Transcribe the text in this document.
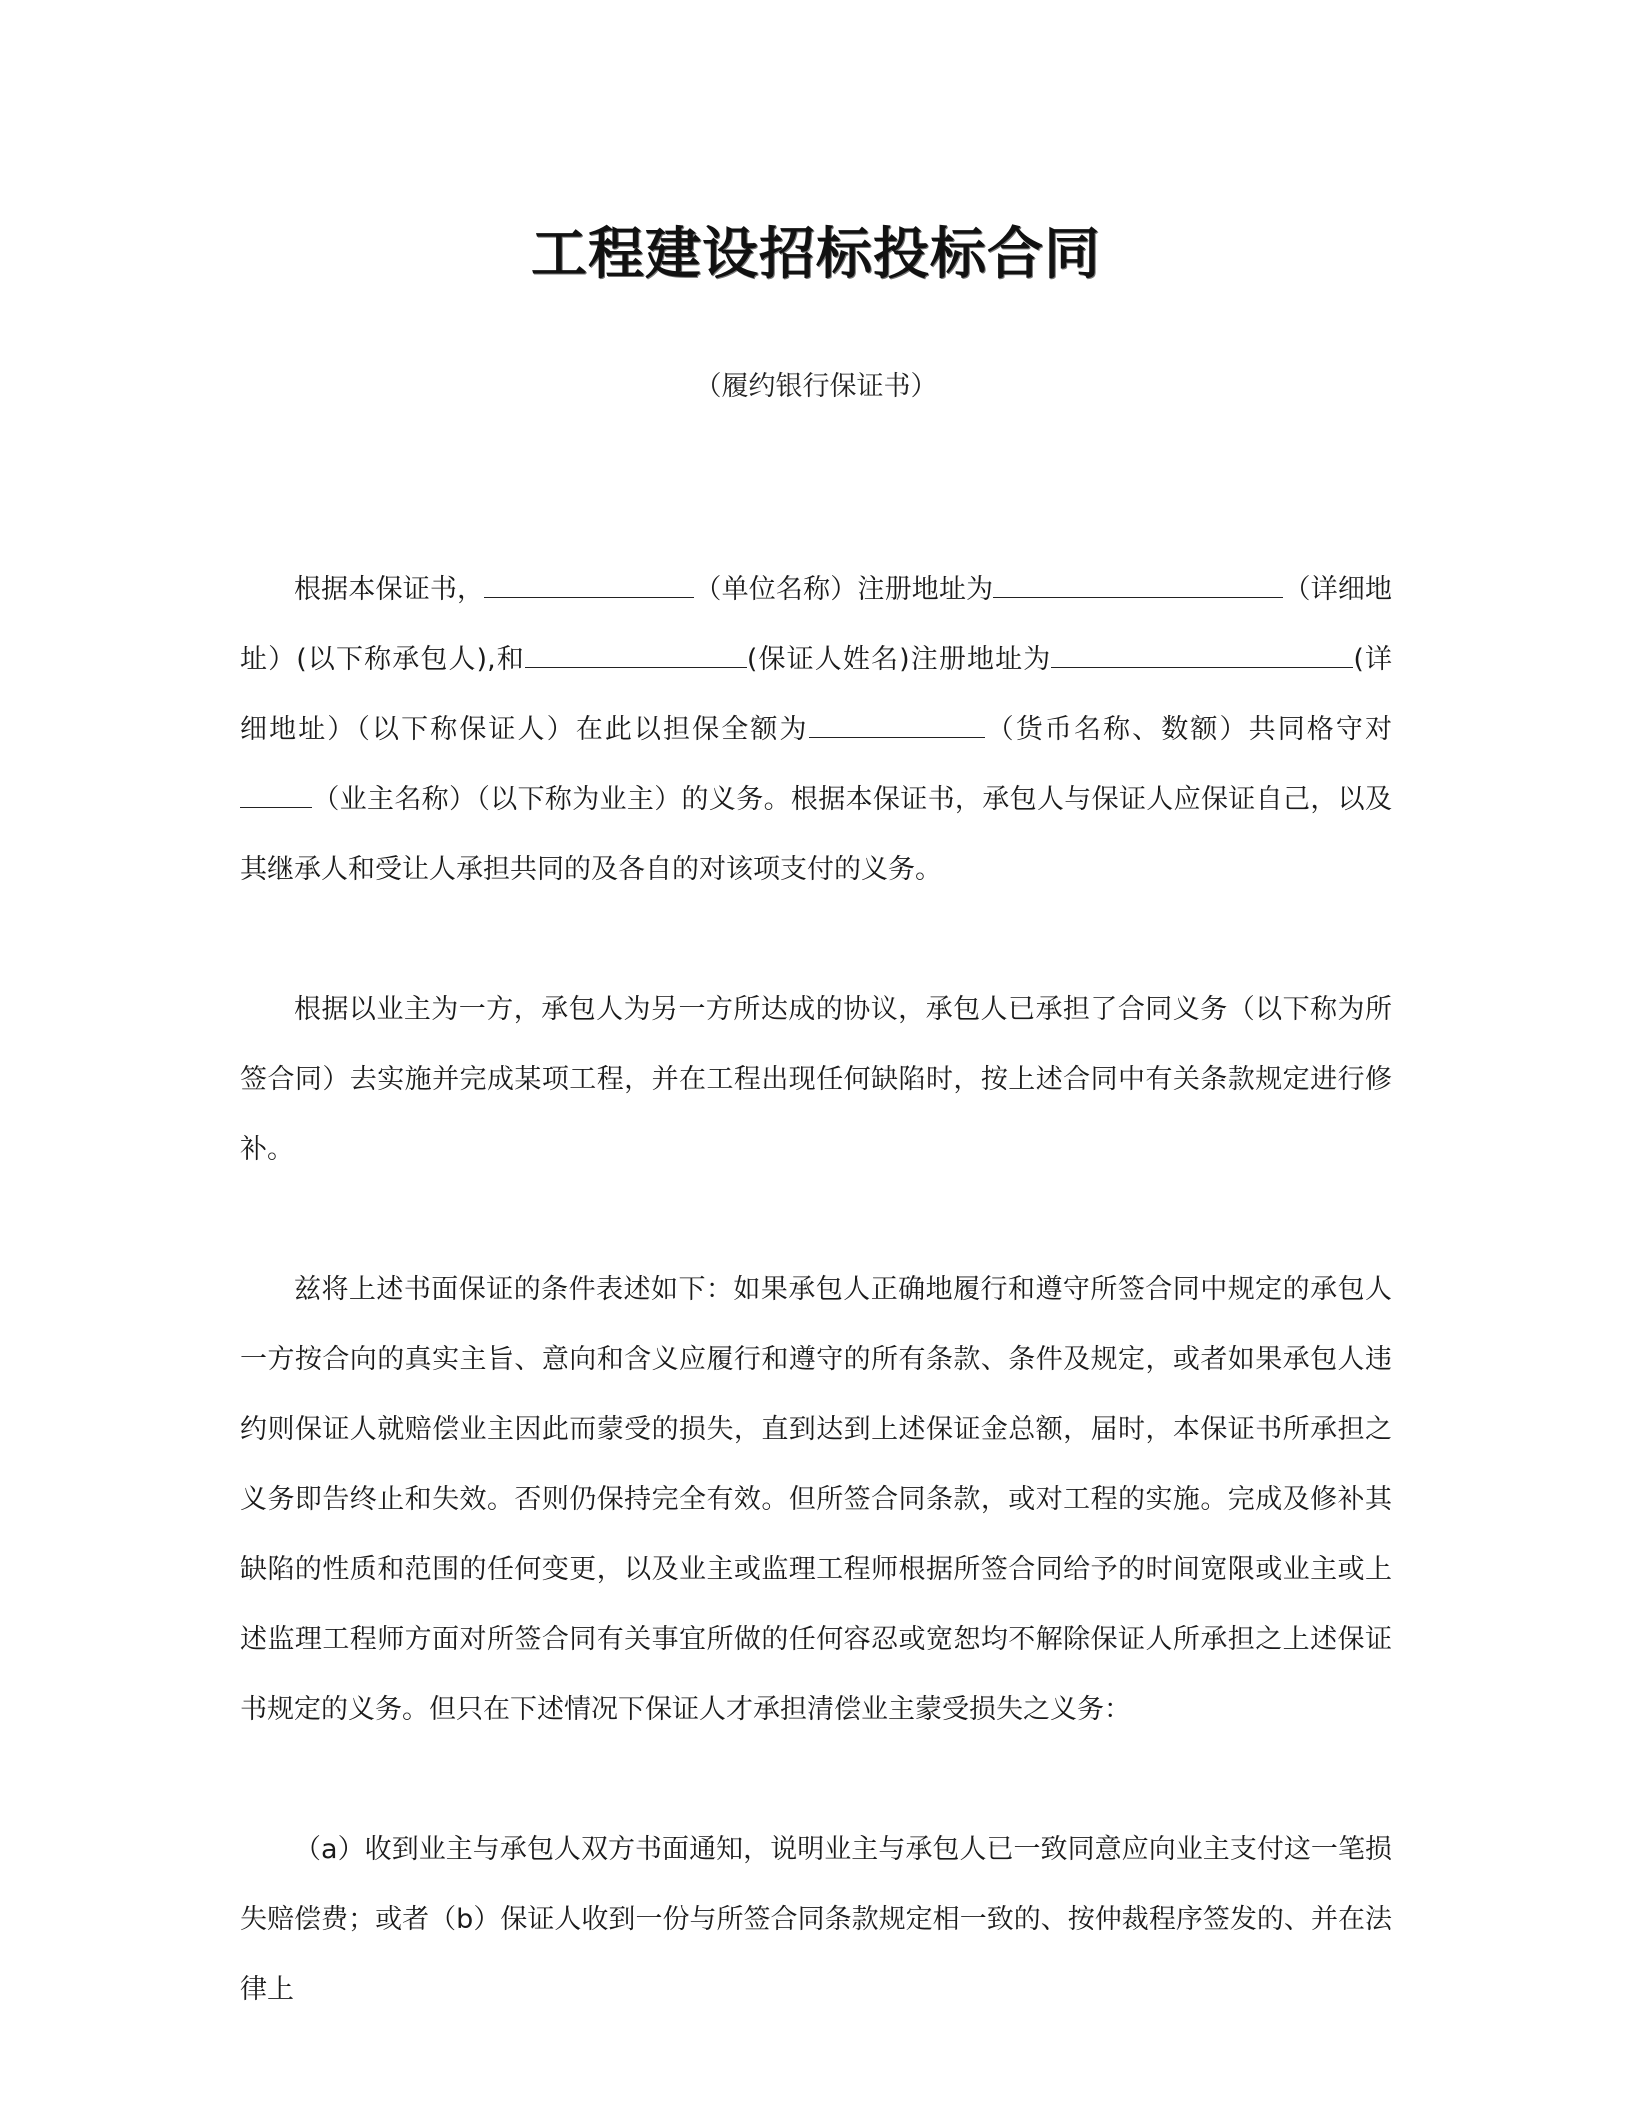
工程建设招标投标合同
（履约银行保证书）

根据本保证书，	（单位名称）注册地址为	（详细地址）(以下称承包人),和	(保证人姓名)注册地址为	(详细地址）（以下称保证人）在此以担保全额为	（货币名称、数额）共同格守对（业主名称）（以下称为业主）的义务。根据本保证书，承包人与保证人应保证自己，以及其继承人和受让人承担共同的及各自的对该项支付的义务。

根据以业主为一方，承包人为另一方所达成的协议，承包人已承担了合同义务（以下称为所签合同）去实施并完成某项工程，并在工程出现任何缺陷时，按上述合同中有关条款规定进行修补。

兹将上述书面保证的条件表述如下：如果承包人正确地履行和遵守所签合同中规定的承包人一方按合向的真实主旨、意向和含义应履行和遵守的所有条款、条件及规定，或者如果承包人违约则保证人就赔偿业主因此而蒙受的损失，直到达到上述保证金总额，届时，本保证书所承担之义务即告终止和失效。否则仍保持完全有效。但所签合同条款，或对工程的实施。完成及修补其缺陷的性质和范围的任何变更，以及业主或监理工程师根据所签合同给予的时间宽限或业主或上述监理工程师方面对所签合同有关事宜所做的任何容忍或宽恕均不解除保证人所承担之上述保证书规定的义务。但只在下述情况下保证人才承担清偿业主蒙受损失之义务：

（a）收到业主与承包人双方书面通知，说明业主与承包人已一致同意应向业主支付这一笔损失赔偿费；或者（b）保证人收到一份与所签合同条款规定相一致的、按仲裁程序签发的、并在法律上
